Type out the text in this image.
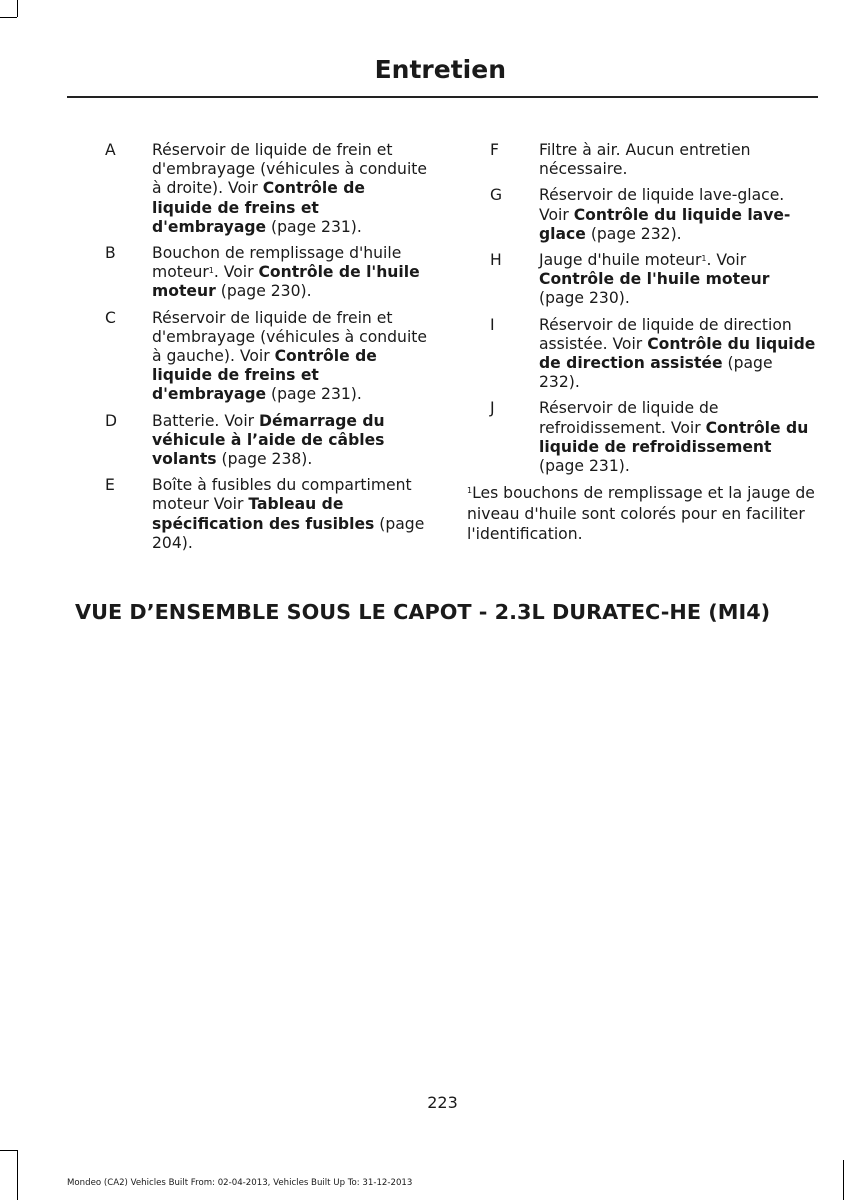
Entretien
A Réservoir de liquide de frein et d'embrayage (véhicules à conduite à droite). Voir Contrôle de liquide de freins et d'embrayage (page 231).
B Bouchon de remplissage d'huile moteur$^1$. Voir Contrôle de l'huile moteur (page 230).
C Réservoir de liquide de frein et d'embrayage (véhicules à conduite à gauche). Voir Contrôle de liquide de freins et d'embrayage (page 231).
D Batterie. Voir Démarrage du véhicule à l’aide de câbles volants (page 238).
E Boîte à fusibles du compartiment moteur Voir Tableau de spécification des fusibles (page 204).
F	Filtre à air. Aucun entretien nécessaire.
G Réservoir de liquide lave-glace. Voir Contrôle du liquide lave-glace (page 232).
H Jauge d'huile moteur$^1$. Voir Contrôle de l'huile moteur (page 230).
I	Réservoir de liquide de direction assistée. Voir Contrôle du liquide de direction assistée (page 232).
J	Réservoir de liquide de refroidissement. Voir Contrôle du liquide de refroidissement (page 231).
$^1$Les bouchons de remplissage et la jauge de niveau d'huile sont colorés pour en faciliter l'identification.
VUE D’ENSEMBLE SOUS LE CAPOT - 2.3L DURATEC-HE (MI4)
223
Mondeo (CA2) Vehicles Built From: 02-04-2013, Vehicles Built Up To: 31-12-2013
